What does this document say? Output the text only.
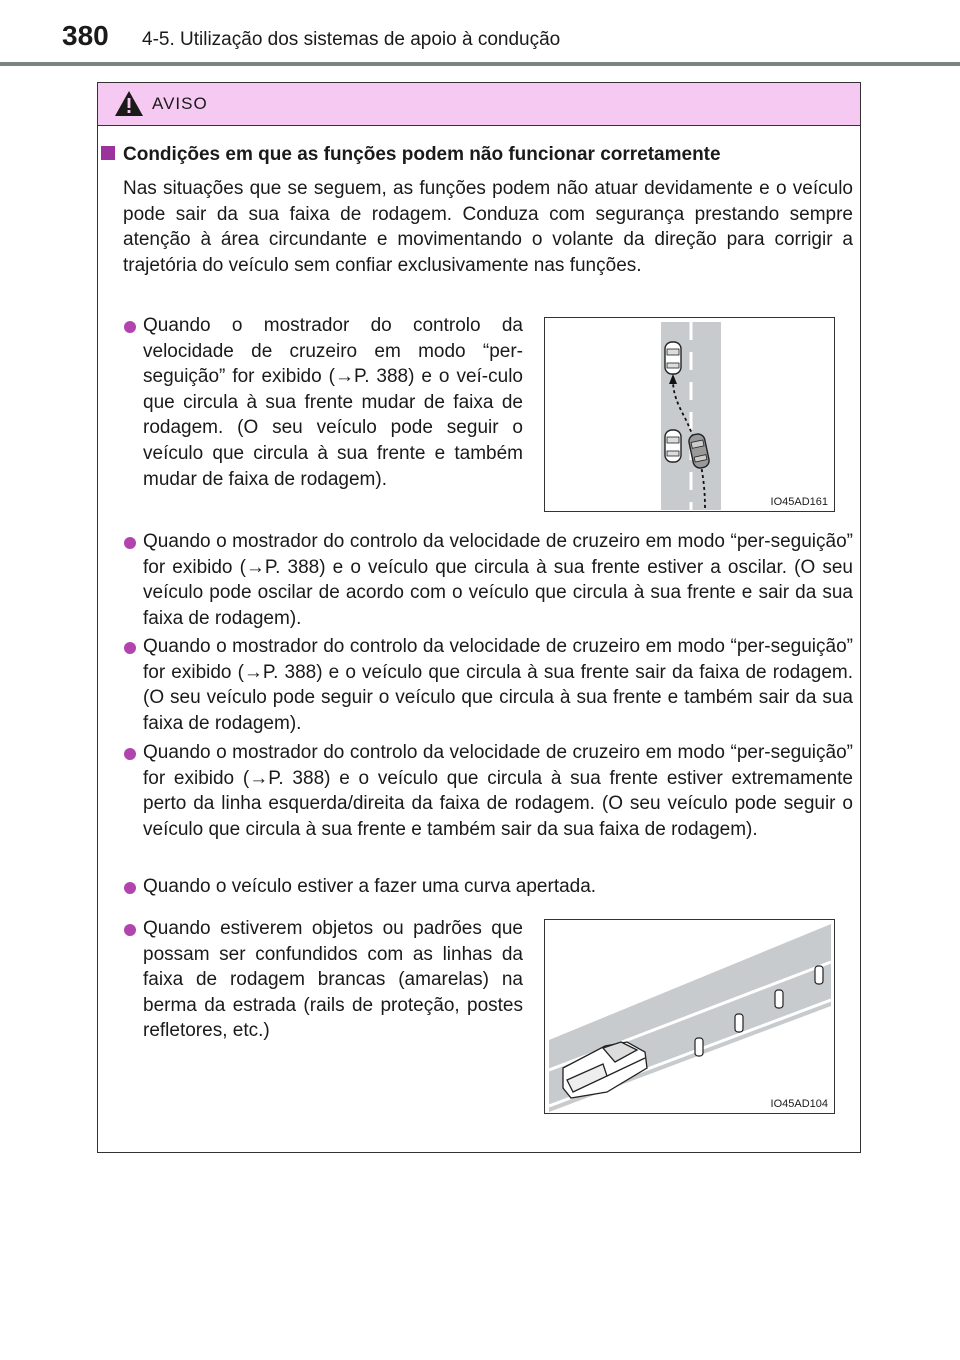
380 4-5. Utilização dos sistemas de apoio à condução
AVISO
Condições em que as funções podem não funcionar corretamente
Nas situações que se seguem, as funções podem não atuar devidamente e o veículo pode sair da sua faixa de rodagem. Conduza com segurança prestando sempre atenção à área circundante e movimentando o volante da direção para corrigir a trajetória do veículo sem confiar exclusivamente nas funções.
Quando o mostrador do controlo da velocidade de cruzeiro em modo “per-seguição” for exibido (→P. 388) e o veí-culo que circula à sua frente mudar de faixa de rodagem. (O seu veículo pode seguir o veículo que circula à sua frente e também mudar de faixa de rodagem).
IO45AD161
Quando o mostrador do controlo da velocidade de cruzeiro em modo “per-seguição” for exibido (→P. 388) e o veículo que circula à sua frente estiver a oscilar. (O seu veículo pode oscilar de acordo com o veículo que circula à sua frente e sair da sua faixa de rodagem).
Quando o mostrador do controlo da velocidade de cruzeiro em modo “per-seguição” for exibido (→P. 388) e o veículo que circula à sua frente sair da faixa de rodagem. (O seu veículo pode seguir o veículo que circula à sua frente e também sair da sua faixa de rodagem).
Quando o mostrador do controlo da velocidade de cruzeiro em modo “per-seguição” for exibido (→P. 388) e o veículo que circula à sua frente estiver extremamente perto da linha esquerda/direita da faixa de rodagem. (O seu veículo pode seguir o veículo que circula à sua frente e também sair da sua faixa de rodagem).
Quando o veículo estiver a fazer uma curva apertada.
Quando estiverem objetos ou padrões que possam ser confundidos com as linhas da faixa de rodagem brancas (amarelas) na berma da estrada (rails de proteção, postes refletores, etc.)
IO45AD104
